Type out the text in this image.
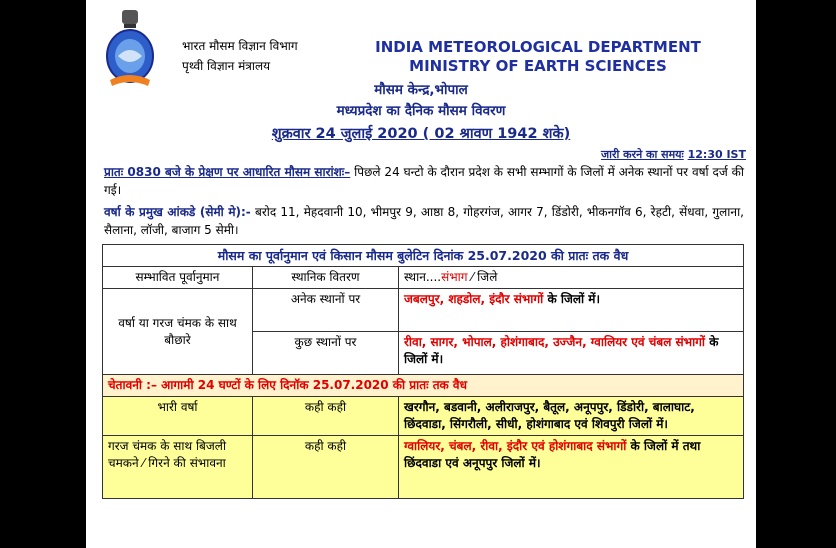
भारत मौसम विज्ञान विभाग
पृथ्वी विज्ञान मंत्रालय
INDIA METEOROLOGICAL DEPARTMENT
MINISTRY OF EARTH SCIENCES
मौसम केन्द्र,भोपाल
मध्यप्रदेश का दैनिक मौसम विवरण
शुक्रवार 24 जुलाई 2020 ( 02 श्रावण 1942 शके)
जारी करने का समयः 12:30 IST
प्रातः 0830 बजे के प्रेक्षण पर आधारित मौसम सारांशः– पिछले 24 घन्टो के दौरान प्रदेश के सभी सम्भागों के जिलों में अनेक स्थानों पर वर्षा दर्ज की गई।
वर्षा के प्रमुख आंकडे (सेमी मे):- बरोद 11, मेहदवानी 10, भीमपुर 9, आष्ठा 8, गोहरगंज, आगर 7, डिंडोरी, भीकनगॉव 6, रेहटी, सेंधवा, गुलाना, सैलाना, लॉजी, बाजाग 5 सेमी।
मौसम का पूर्वानुमान एवं किसान मौसम बुलेटिन दिनांक 25.07.2020 की प्रातः तक वैध		
सम्भावित पूर्वानुमान	स्थानिक वितरण	स्थान....संभाग ⁄ जिले
वर्षा या गरज चंमक के साथ बौछारे	अनेक स्थानों पर	जबलपुर, शहडोल, इंदौर संभागों के जिलों में।
	कुछ स्थानों पर	रीवा, सागर, भोपाल, होशंगाबाद, उज्जैन, ग्वालियर एवं चंबल संभागों के जिलों में।
चेतावनी :– आगामी 24 घण्टों के लिए दिनॉक 25.07.2020 की प्रातः तक वैध		
भारी वर्षा	कही कही	खरगौन, बडवानी, अलीराजपुर, बैतूल, अनूपपुर, डिंडोरी, बालाघाट, छिंदवाडा, सिंगरौली, सीधी, होशंगाबाद एवं शिवपुरी जिलों में।
गरज चंमक के साथ बिजली चमकने ⁄ गिरने की संभावना	कही कही	ग्वालियर, चंबल, रीवा, इंदौर एवं होशंगाबाद संभागों के जिलों में तथा छिंदवाडा एवं अनूपपुर जिलों में।
